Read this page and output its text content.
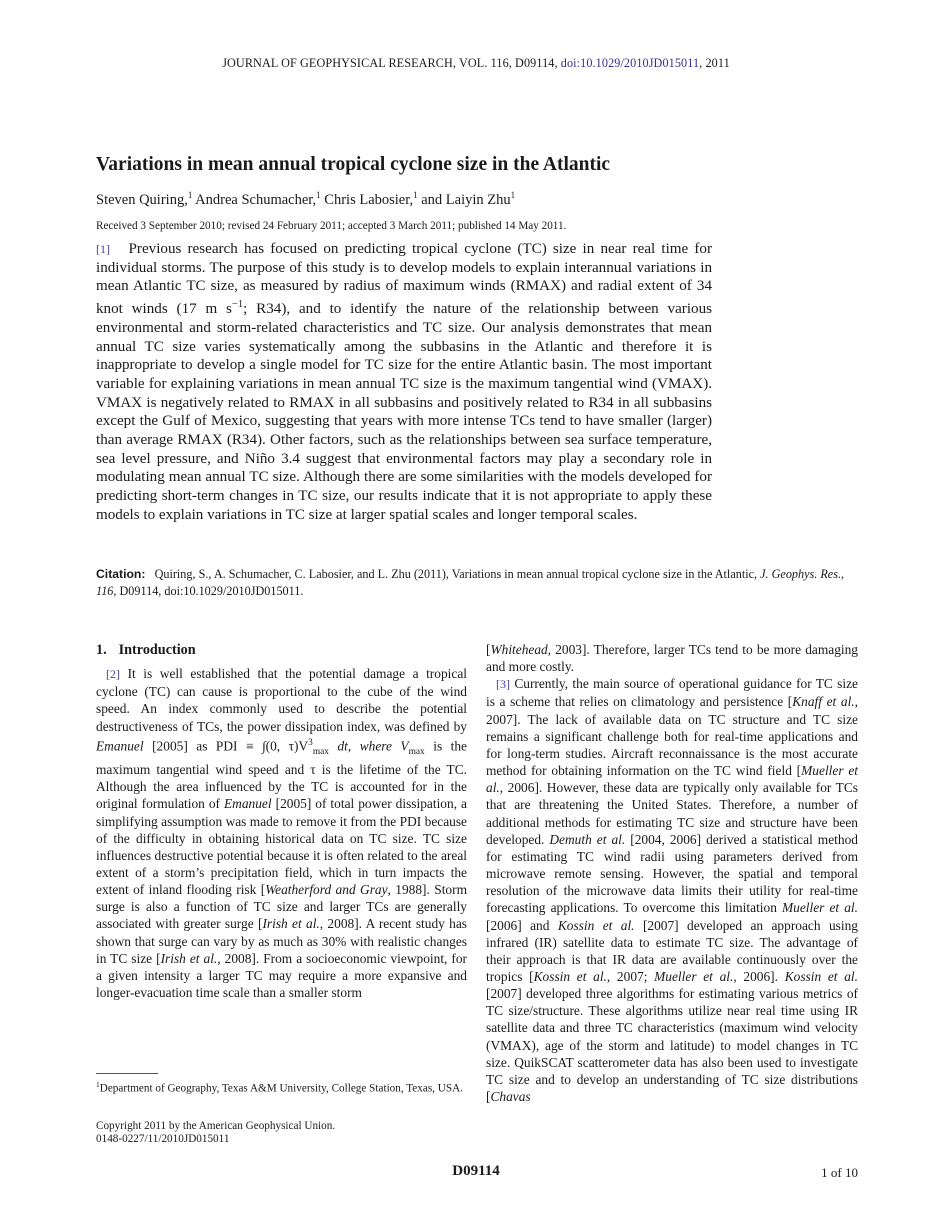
JOURNAL OF GEOPHYSICAL RESEARCH, VOL. 116, D09114, doi:10.1029/2010JD015011, 2011
Variations in mean annual tropical cyclone size in the Atlantic
Steven Quiring,$^1$ Andrea Schumacher,$^1$ Chris Labosier,$^1$ and Laiyin Zhu$^1$
Received 3 September 2010; revised 24 February 2011; accepted 3 March 2011; published 14 May 2011.
[1] Previous research has focused on predicting tropical cyclone (TC) size in near real time for individual storms. The purpose of this study is to develop models to explain interannual variations in mean Atlantic TC size, as measured by radius of maximum winds (RMAX) and radial extent of 34 knot winds (17 m $s^{-1}$; R34), and to identify the nature of the relationship between various environmental and storm-related characteristics and TC size. Our analysis demonstrates that mean annual TC size varies systematically among the subbasins in the Atlantic and therefore it is inappropriate to develop a single model for TC size for the entire Atlantic basin. The most important variable for explaining variations in mean annual TC size is the maximum tangential wind (VMAX). VMAX is negatively related to RMAX in all subbasins and positively related to R34 in all subbasins except the Gulf of Mexico, suggesting that years with more intense TCs tend to have smaller (larger) than average RMAX (R34). Other factors, such as the relationships between sea surface temperature, sea level pressure, and Niño 3.4 suggest that environmental factors may play a secondary role in modulating mean annual TC size. Although there are some similarities with the models developed for predicting short-term changes in TC size, our results indicate that it is not appropriate to apply these models to explain variations in TC size at larger spatial scales and longer temporal scales.
Citation: Quiring, S., A. Schumacher, C. Labosier, and L. Zhu (2011), Variations in mean annual tropical cyclone size in the Atlantic, J. Geophys. Res., 116, D09114, doi:10.1029/2010JD015011.
1. Introduction

[2] It is well established that the potential damage a tropical cyclone (TC) can cause is proportional to the cube of the wind speed. An index commonly used to describe the potential destructiveness of TCs, the power dissipation index, was defined by Emanuel [2005] as PDI ≡ ∫(0, $\tau)V^3_{max}$ dt, where $V_{max}$ is the maximum tangential wind speed and τ is the lifetime of the TC. Although the area influenced by the TC is accounted for in the original formulation of Emanuel [2005] of total power dissipation, a simplifying assumption was made to remove it from the PDI because of the difficulty in obtaining historical data on TC size. TC size influences destructive potential because it is often related to the areal extent of a storm’s precipitation field, which in turn impacts the extent of inland flooding risk [Weatherford and Gray, 1988]. Storm surge is also a function of TC size and larger TCs are generally associated with greater surge [Irish et al., 2008]. A recent study has shown that surge can vary by as much as 30% with realistic changes in TC size [Irish et al., 2008]. From a socioeconomic viewpoint, for a given intensity a larger TC may require a more expansive and longer-evacuation time scale than a smaller storm

[Whitehead, 2003]. Therefore, larger TCs tend to be more damaging and more costly.

[3] Currently, the main source of operational guidance for TC size is a scheme that relies on climatology and persistence [Knaff et al., 2007]. The lack of available data on TC structure and TC size remains a significant challenge both for real-time applications and for long-term studies. Aircraft reconnaissance is the most accurate method for obtaining information on the TC wind field [Mueller et al., 2006]. However, these data are typically only available for TCs that are threatening the United States. Therefore, a number of additional methods for estimating TC size and structure have been developed. Demuth et al. [2004, 2006] derived a statistical method for estimating TC wind radii using parameters derived from microwave remote sensing. However, the spatial and temporal resolution of the microwave data limits their utility for real-time forecasting applications. To overcome this limitation Mueller et al. [2006] and Kossin et al. [2007] developed an approach using infrared (IR) satellite data to estimate TC size. The advantage of their approach is that IR data are available continuously over the tropics [Kossin et al., 2007; Mueller et al., 2006]. Kossin et al. [2007] developed three algorithms for estimating various metrics of TC size/structure. These algorithms utilize near real time using IR satellite data and three TC characteristics (maximum wind velocity (VMAX), age of the storm and latitude) to model changes in TC size. QuikSCAT scatterometer data has also been used to investigate TC size and to develop an understanding of TC size distributions [Chavas

$^1$Department of Geography, Texas A&M University, College Station, Texas, USA.
Copyright 2011 by the American Geophysical Union.
0148-0227/11/2010JD015011
D09114	1 of 10
